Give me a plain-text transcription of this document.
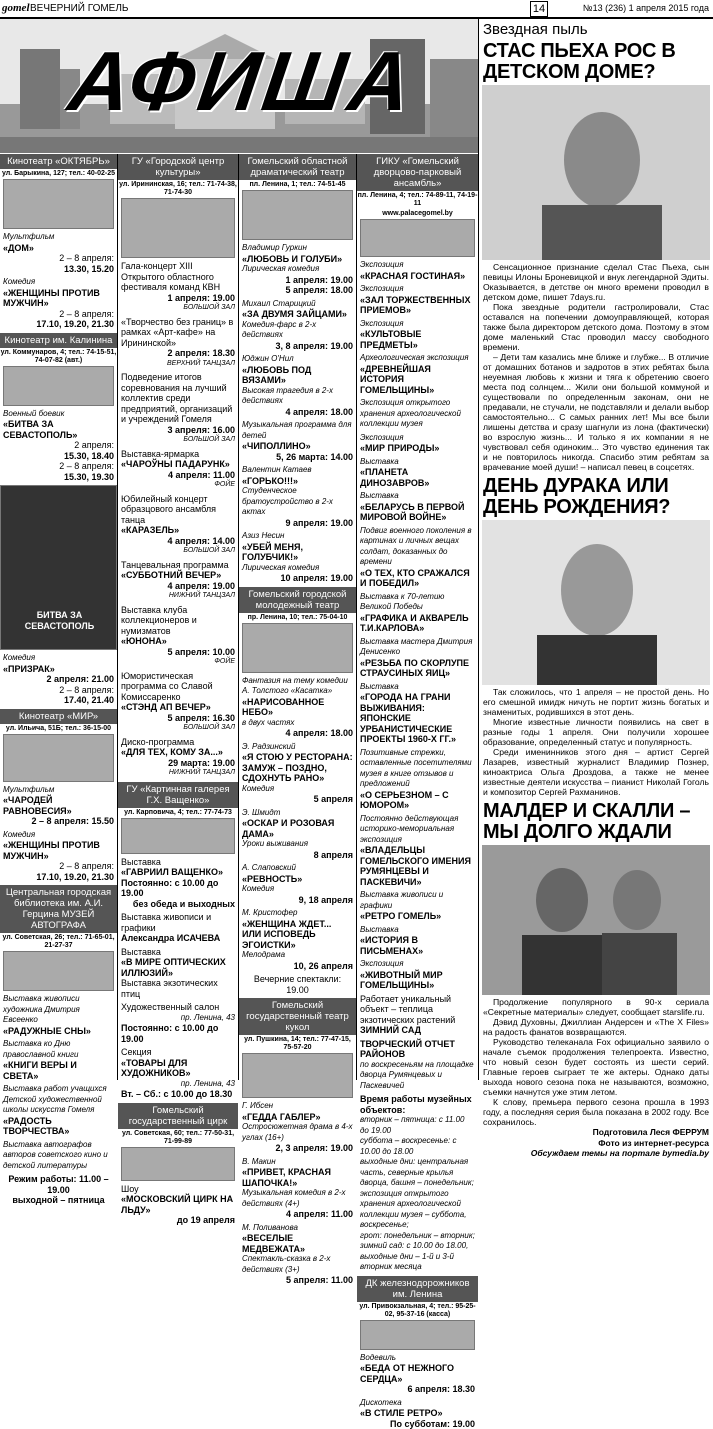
gomel ВЕЧЕРНИЙ ГОМЕЛЬ	14	№13 (236) 1 апреля 2015 года
АФИША
Кинотеатр «ОКТЯБРЬ»
ул. Барыкина, 127; тел.: 40-02-25
Мультфильм
«ДОМ»
2 – 8 апреля:
13.30, 15.20
Комедия
«ЖЕНЩИНЫ ПРОТИВ МУЖЧИН»
2 – 8 апреля:
17.10, 19.20, 21.30
Кинотеатр им. Калинина
ул. Коммунаров, 4; тел.: 74-15-51, 74-07-82 (авт.)
Военный боевик
«БИТВА ЗА СЕВАСТОПОЛЬ»
2 апреля:
15.30, 18.40
2 – 8 апреля:
15.30, 19.30
БИТВА ЗА СЕВАСТОПОЛЬ
Комедия
«ПРИЗРАК»
2 апреля: 21.00
2 – 8 апреля:
17.40, 21.40
Кинотеатр «МИР»
ул. Ильича, 51Б; тел.: 36-15-00
Мультфильм
«ЧАРОДЕЙ РАВНОВЕСИЯ»
2 – 8 апреля: 15.50
Комедия
«ЖЕНЩИНЫ ПРОТИВ МУЖЧИН»
2 – 8 апреля:
17.10, 19.20, 21.30
Центральная городская библиотека им. А.И. Герцина МУЗЕЙ АВТОГРАФА
ул. Советская, 26; тел.: 71-65-01, 21-27-37
Выставка живописи художника Дмитрия Евсеенко
«РАДУЖНЫЕ СНЫ»
Выставка ко Дню православной книги
«КНИГИ ВЕРЫ И СВЕТА»
Выставка работ учащихся Детской художественной школы искусств Гомеля
«РАДОСТЬ ТВОРЧЕСТВА»
Выставка автографов авторов советского кино и детской литературы
Режим работы: 11.00 – 19.00
выходной – пятница
ГУ «Городской центр культуры»
ул. Ирининская, 16; тел.: 71-74-38, 71-74-30
Гала-концерт XIII Открытого областного фестиваля команд КВН
1 апреля: 19.00
БОЛЬШОЙ ЗАЛ
«Творчество без границ» в рамках «Арт-кафе» на Ирининской»
2 апреля: 18.30
ВЕРХНИЙ ТАНЦЗАЛ
Подведение итогов соревнования на лучший коллектив среди предприятий, организаций и учреждений Гомеля
3 апреля: 16.00
БОЛЬШОЙ ЗАЛ
Выставка-ярмарка
«ЧАРОЎНЫ ПАДАРУНК»
4 апреля: 11.00
ФОЙЕ
Юбилейный концерт образцового ансамбля танца
«КАРАЗЕЛЬ»
4 апреля: 14.00
БОЛЬШОЙ ЗАЛ
Танцевальная программа
«СУББОТНИЙ ВЕЧЕР»
4 апреля: 19.00
НИЖНИЙ ТАНЦЗАЛ
Выставка клуба коллекционеров и нумизматов
«ЮНОНА»
5 апреля: 10.00
ФОЙЕ
Юмористическая программа со Славой Комиссаренко
«СТЭНД АП ВЕЧЕР»
5 апреля: 16.30
БОЛЬШОЙ ЗАЛ
Диско-программа
«ДЛЯ ТЕХ, КОМУ ЗА...»
29 марта: 19.00
НИЖНИЙ ТАНЦЗАЛ
ГУ «Картинная галерея Г.Х. Ващенко»
ул. Карповича, 4; тел.: 77-74-73
Выставка
«ГАВРИИЛ ВАЩЕНКО»
Постоянно: с 10.00 до 19.00
без обеда и выходных
Выставка живописи и графики
Александра ИСАЧЕВА
Выставка
«В МИРЕ ОПТИЧЕСКИХ ИЛЛЮЗИЙ»
Выставка экзотических птиц
Художественный салон
пр. Ленина, 43
Постоянно: с 10.00 до 19.00
Секция
«ТОВАРЫ ДЛЯ ХУДОЖНИКОВ»
пр. Ленина, 43
Вт. – Сб.: с 10.00 до 18.30
Гомельский государственный цирк
ул. Советская, 60; тел.: 77-50-31, 71-99-89
Шоу
«МОСКОВСКИЙ ЦИРК НА ЛЬДУ»
до 19 апреля
Гомельский областной драматический театр
пл. Ленина, 1; тел.: 74-51-45
Владимир Гуркин
«ЛЮБОВЬ И ГОЛУБИ»
Лирическая комедия
1 апреля: 19.00
5 апреля: 18.00
Михаил Старицкий
«ЗА ДВУМЯ ЗАЙЦАМИ»
Комедия-фарс в 2-х действиях
3, 8 апреля: 19.00
Юджин О'Нил
«ЛЮБОВЬ ПОД ВЯЗАМИ»
Высокая трагедия в 2-х действиях
4 апреля: 18.00
Музыкальная программа для детей
«ЧИПОЛЛИНО»
5, 26 марта: 14.00
Валентин Катаев
«ГОРЬКО!!!»
Студенческое братоустройство в 2-х актах
9 апреля: 19.00
Азиз Несин
«УБЕЙ МЕНЯ, ГОЛУБЧИК!»
Лирическая комедия
10 апреля: 19.00
Гомельский городской молодежный театр
пр. Ленина, 10; тел.: 75-04-10
Фантазия на тему комедии А. Толстого «Касатка»
«НАРИСОВАННОЕ НЕБО»
в двух частях
4 апреля: 18.00
Э. Радзинский
«Я СТОЮ У РЕСТОРАНА: ЗАМУЖ – ПОЗДНО, СДОХНУТЬ РАНО»
Комедия
5 апреля
Э. Шмидт
«ОСКАР И РОЗОВАЯ ДАМА»
Уроки выживания
8 апреля
А. Слаповский
«РЕВНОСТЬ»
Комедия
9, 18 апреля
М. Кристофер
«ЖЕНЩИНА ЖДЕТ... ИЛИ ИСПОВЕДЬ ЭГОИСТКИ»
Мелодрама
10, 26 апреля
Вечерние спектакли: 19.00
Гомельский государственный театр кукол
ул. Пушкина, 14; тел.: 77-47-15, 75-57-20
Г. Ибсен
«ГЕДДА ГАБЛЕР»
Остросюжетная драма в 4-х углах (16+)
2, 3 апреля: 19.00
В. Макин
«ПРИВЕТ, КРАСНАЯ ШАПОЧКА!»
Музыкальная комедия в 2-х действиях (4+)
4 апреля: 11.00
М. Поливанова
«ВЕСЕЛЫЕ МЕДВЕЖАТА»
Спектакль-сказка в 2-х действиях (3+)
5 апреля: 11.00
ГИКУ «Гомельский дворцово-парковый ансамбль»
пл. Ленина, 4; тел.: 74-89-11, 74-19-11
www.palacegomel.by
Экспозиция
«КРАСНАЯ ГОСТИНАЯ»
Экспозиция
«ЗАЛ ТОРЖЕСТВЕННЫХ ПРИЕМОВ»
Экспозиция
«КУЛЬТОВЫЕ ПРЕДМЕТЫ»
Археологическая экспозиция
«ДРЕВНЕЙШАЯ ИСТОРИЯ ГОМЕЛЬЩИНЫ»
Экспозиция открытого хранения археологической коллекции музея
Экспозиция
«МИР ПРИРОДЫ»
Выставка
«ПЛАНЕТА ДИНОЗАВРОВ»
Выставка
«БЕЛАРУСЬ В ПЕРВОЙ МИРОВОЙ ВОЙНЕ»
Подвиг военного поколения в картинах и личных вещах солдат, доказанных до времени
«О ТЕХ, КТО СРАЖАЛСЯ И ПОБЕДИЛ»
Выставка к 70-летию Великой Победы
«ГРАФИКА И АКВАРЕЛЬ Т.И.КАРЛОВА»
Выставка мастера Дмитрия Денисенко
«РЕЗЬБА ПО СКОРЛУПЕ СТРАУСИНЫХ ЯИЦ»
Выставка
«ГОРОДА НА ГРАНИ ВЫЖИВАНИЯ: ЯПОНСКИЕ УРБАНИСТИЧЕСКИЕ ПРОЕКТЫ 1960-Х ГГ.»
Позитивные стрежки, оставленные посетителями музея в книге отзывов и предложений
«О СЕРЬЕЗНОМ – С ЮМОРОМ»
Постоянно действующая историко-мемориальная экспозиция
«ВЛАДЕЛЬЦЫ ГОМЕЛЬСКОГО ИМЕНИЯ РУМЯНЦЕВЫ И ПАСКЕВИЧИ»
Выставка живописи и графики
«РЕТРО ГОМЕЛЬ»
Выставка
«ИСТОРИЯ В ПИСЬМЕНАХ»
Экспозиция
«ЖИВОТНЫЙ МИР ГОМЕЛЬЩИНЫ»
Работает уникальный объект – теплица экзотических растений
ЗИМНИЙ САД
ТВОРЧЕСКИЙ ОТЧЕТ РАЙОНОВ
по воскресеньям на площадке дворца Румянцевых и Паскевичей
Время работы музейных объектов:
вторник – пятница: с 11.00 до 19.00
суббота – воскресенье: с 10.00 до 18.00
выходные дни: центральная часть, северные крылья дворца, башня – понедельник;
экспозиция открытого хранения археологической коллекции музея – суббота, воскресенье;
грот: понедельник – вторник;
зимний сад: с 10.00 до 18.00,
выходные дни – 1-й и 3-й вторник месяца
ДК железнодорожников им. Ленина
ул. Привокзальная, 4; тел.: 95-25-02, 95-37-16 (касса)
Водевиль
«БЕДА ОТ НЕЖНОГО СЕРДЦА»
6 апреля: 18.30
Дискотека
«В СТИЛЕ РЕТРО»
По субботам: 19.00
Звездная пыль
СТАС ПЬЕХА РОС В ДЕТСКОМ ДОМЕ?

Сенсационное признание сделал Стас Пьеха, сын певицы Илоны Броневицкой и внук легендарной Эдиты. Оказывается, в детстве он много времени проводил в детском доме, пишет 7days.ru.

Пока звездные родители гастролировали, Стас оставался на попечении домоуправляющей, которая также была директором детского дома. Поэтому в этом доме маленький Стас проводил массу свободного времени.

– Дети там казались мне ближе и глубже... В отличие от домашних ботанов и задротов в этих ребятах была неуемная любовь к жизни и тяга к обретению своего места под солнцем... Жили они большой коммуной и существовали по определенным законам, они не предавали, не стучали, не подставляли и делали выбор самостоятельно... С самых ранних лет! Мы все были лишены детства и сразу шагнули из лона (фактически) во взрослую жизнь... И только я их компании я не чувствовал себя одиноким... Это чувство единения так и не повторилось никогда. Спасибо этим ребятам за врачевание моей души! – написал певец в соцсетях.

ДЕНЬ ДУРАКА ИЛИ ДЕНЬ РОЖДЕНИЯ?

Так сложилось, что 1 апреля – не простой день. Но его смешной имидж ничуть не портит жизнь богатых и знаменитых, родившихся в этот день.

Многие известные личности появились на свет в разные годы 1 апреля. Они получили хорошее образование, определенный статус и популярность.

Среди именинников этого дня – артист Сергей Лазарев, известный журналист Владимир Познер, киноактриса Ольга Дроздова, а также не менее известные деятели искусства – пианист Николай Гоголь и композитор Сергей Рахманинов.

МАЛДЕР И СКАЛЛИ – МЫ ДОЛГО ЖДАЛИ

Продолжение популярного в 90-х сериала «Секретные материалы» следует, сообщает starslife.ru.

Дэвид Духовны, Джиллиан Андерсен и «The X Files» на радость фанатов возвращаются.

Руководство телеканала Fox официально заявило о начале съемок продолжения телепроекта. Известно, что новый сезон будет состоять из шести серий. Главные героев сыграет те же актеры. Однако даты выхода нового сезона пока не называются, возможно, съемки начнутся уже этим летом.

К слову, премьера первого сезона прошла в 1993 году, а последняя серия была показана в 2002 году. Все сохранилось.

Подготовила Леся ФЕРРУМ
Фото из интернет-ресурса
Обсуждаем темы на портале bymedia.by
